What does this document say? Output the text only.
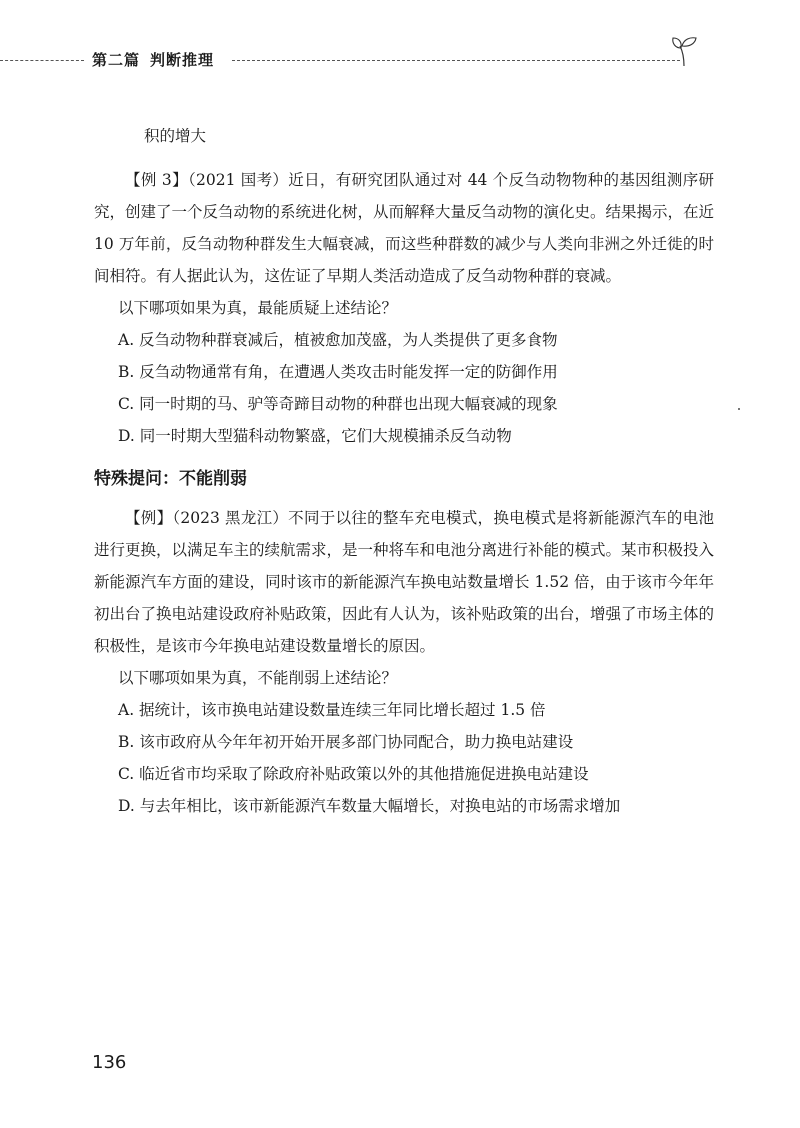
第二篇 判断推理

积的增大

【例 3】（2021 国考）近日，有研究团队通过对 44 个反刍动物物种的基因组测序研究，创建了一个反刍动物的系统进化树，从而解释大量反刍动物的演化史。结果揭示，在近 10 万年前，反刍动物种群发生大幅衰减，而这些种群数的减少与人类向非洲之外迁徙的时间相符。有人据此认为，这佐证了早期人类活动造成了反刍动物种群的衰减。

以下哪项如果为真，最能质疑上述结论？

A. 反刍动物种群衰减后，植被愈加茂盛，为人类提供了更多食物

B. 反刍动物通常有角，在遭遇人类攻击时能发挥一定的防御作用

C. 同一时期的马、驴等奇蹄目动物的种群也出现大幅衰减的现象

D. 同一时期大型猫科动物繁盛，它们大规模捕杀反刍动物

特殊提问：不能削弱

【例】（2023 黑龙江）不同于以往的整车充电模式，换电模式是将新能源汽车的电池进行更换，以满足车主的续航需求，是一种将车和电池分离进行补能的模式。某市积极投入新能源汽车方面的建设，同时该市的新能源汽车换电站数量增长 1.52 倍，由于该市今年年初出台了换电站建设政府补贴政策，因此有人认为，该补贴政策的出台，增强了市场主体的积极性，是该市今年换电站建设数量增长的原因。

以下哪项如果为真，不能削弱上述结论？

A. 据统计，该市换电站建设数量连续三年同比增长超过 1.5 倍

B. 该市政府从今年年初开始开展多部门协同配合，助力换电站建设

C. 临近省市均采取了除政府补贴政策以外的其他措施促进换电站建设

D. 与去年相比，该市新能源汽车数量大幅增长，对换电站的市场需求增加

136
